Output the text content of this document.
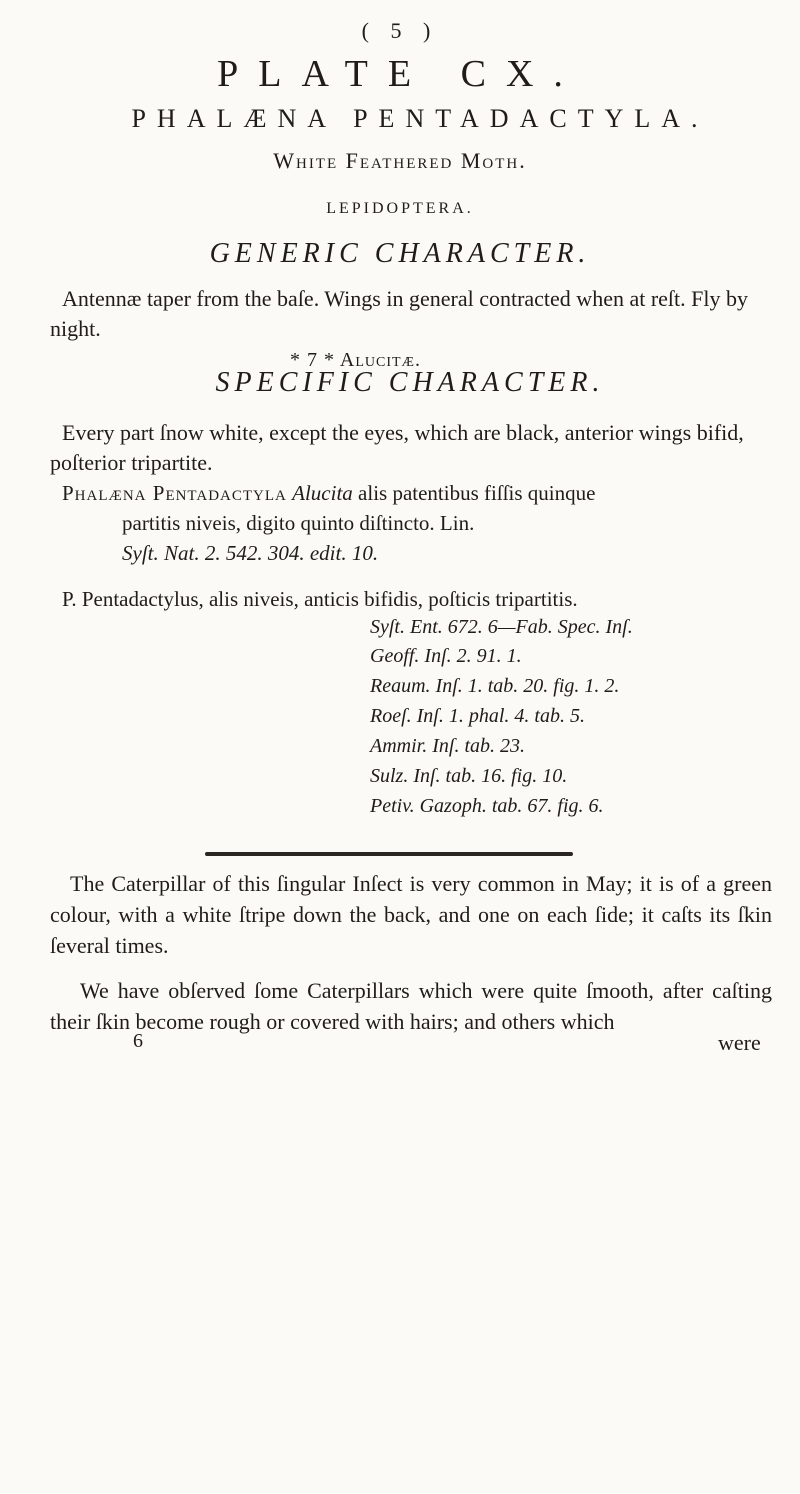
( 5 )
PLATE CX.
PHALÆNA PENTADACTYLA.
White Feathered Moth.
LEPIDOPTERA.
GENERIC CHARACTER.
Antennæ taper from the baſe. Wings in general contracted when at reſt. Fly by night.
* 7 * Alucitæ.
SPECIFIC CHARACTER.
Every part ſnow white, except the eyes, which are black, anterior wings bifid, poſterior tripartite.
Phalæna Pentadactyla Alucita alis patentibus fiſſis quinque
partitis niveis, digito quinto diſtincto. Lin.
Syſt. Nat. 2. 542. 304. edit. 10.
P. Pentadactylus, alis niveis, anticis bifidis, poſticis tripartitis.
Syſt. Ent. 672. 6—Fab. Spec. Inſ.
Geoff. Inſ. 2. 91. 1.
Reaum. Inſ. 1. tab. 20. fig. 1. 2.
Roeſ. Inſ. 1. phal. 4. tab. 5.
Ammir. Inſ. tab. 23.
Sulz. Inſ. tab. 16. fig. 10.
Petiv. Gazoph. tab. 67. fig. 6.
The Caterpillar of this ſingular Inſect is very common in May; it is of a green colour, with a white ſtripe down the back, and one on each ſide; it caſts its ſkin ſeveral times.
We have obſerved ſome Caterpillars which were quite ſmooth, after caſting their ſkin become rough or covered with hairs; and others which
6	were
